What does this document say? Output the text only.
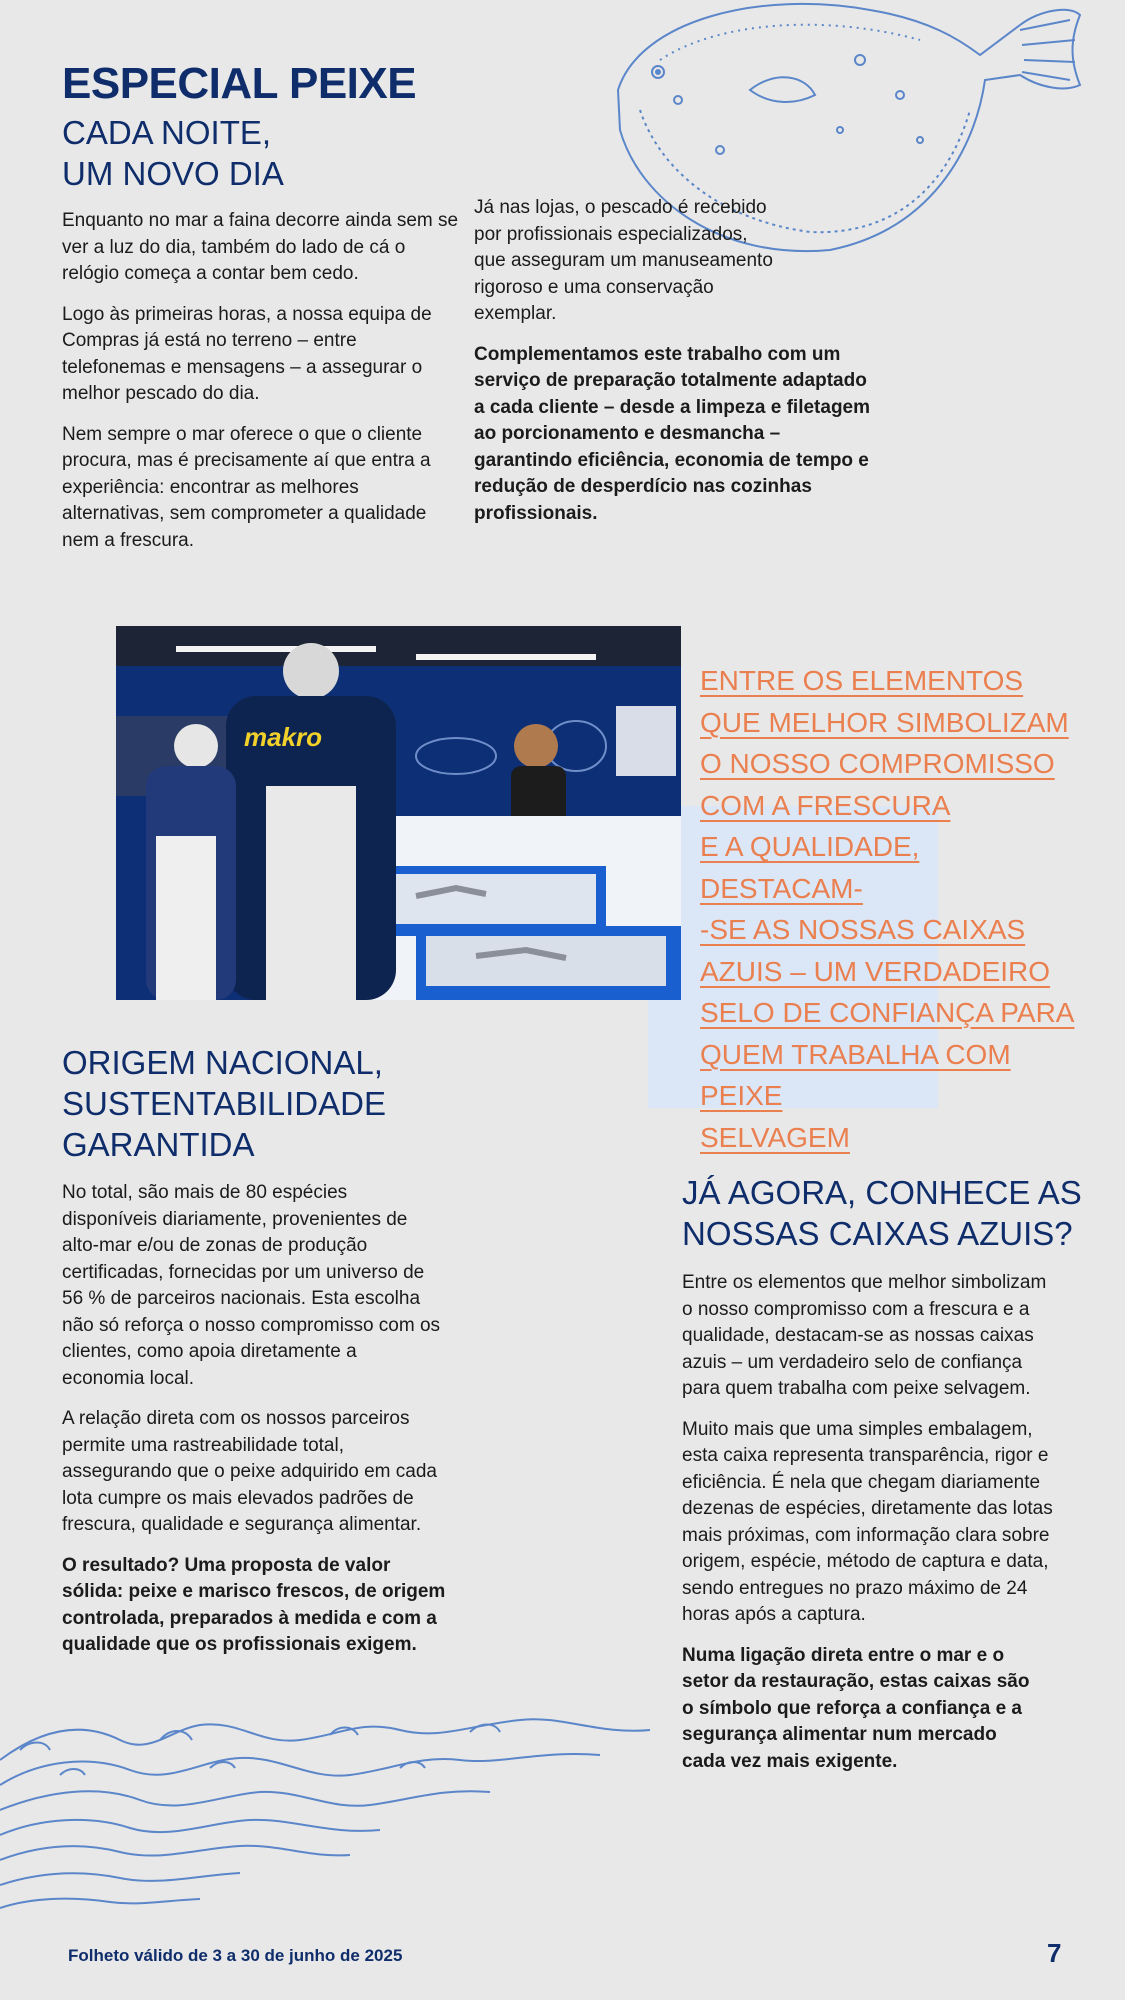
ESPECIAL PEIXE
CADA NOITE,
UM NOVO DIA

Enquanto no mar a faina decorre ainda sem se ver a luz do dia, também do lado de cá o relógio começa a contar bem cedo.

Logo às primeiras horas, a nossa equipa de Compras já está no terreno – entre telefonemas e mensagens – a assegurar o melhor pescado do dia.

Nem sempre o mar oferece o que o cliente procura, mas é precisamente aí que entra a experiência: encontrar as melhores alternativas, sem comprometer a qualidade nem a frescura.

Já nas lojas, o pescado é recebido por profissionais especializados, que asseguram um manuseamento rigoroso e uma conservação exemplar.

Complementamos este trabalho com um serviço de preparação totalmente adaptado a cada cliente – desde a limpeza e filetagem ao porcionamento e desmancha – garantindo eficiência, economia de tempo e redução de desperdício nas cozinhas profissionais.

makro
ENTRE OS ELEMENTOS
QUE MELHOR SIMBOLIZAM
O NOSSO COMPROMISSO
COM A FRESCURA
E A QUALIDADE, DESTACAM-
-SE AS NOSSAS CAIXAS
AZUIS – UM VERDADEIRO
SELO DE CONFIANÇA PARA
QUEM TRABALHA COM PEIXE
SELVAGEM
ORIGEM NACIONAL,
SUSTENTABILIDADE
GARANTIDA

No total, são mais de 80 espécies disponíveis diariamente, provenientes de alto-mar e/ou de zonas de produção certificadas, fornecidas por um universo de 56 % de parceiros nacionais. Esta escolha não só reforça o nosso compromisso com os clientes, como apoia diretamente a economia local.

A relação direta com os nossos parceiros permite uma rastreabilidade total, assegurando que o peixe adquirido em cada lota cumpre os mais elevados padrões de frescura, qualidade e segurança alimentar.

O resultado? Uma proposta de valor sólida: peixe e marisco frescos, de origem controlada, preparados à medida e com a qualidade que os profissionais exigem.

JÁ AGORA, CONHECE AS
NOSSAS CAIXAS AZUIS?

Entre os elementos que melhor simbolizam o nosso compromisso com a frescura e a qualidade, destacam-se as nossas caixas azuis – um verdadeiro selo de confiança para quem trabalha com peixe selvagem.

Muito mais que uma simples embalagem, esta caixa representa transparência, rigor e eficiência. É nela que chegam diariamente dezenas de espécies, diretamente das lotas mais próximas, com informação clara sobre origem, espécie, método de captura e data, sendo entregues no prazo máximo de 24 horas após a captura.

Numa ligação direta entre o mar e o setor da restauração, estas caixas são o símbolo que reforça a confiança e a segurança alimentar num mercado cada vez mais exigente.

Folheto válido de 3 a 30 de junho de 2025	7
